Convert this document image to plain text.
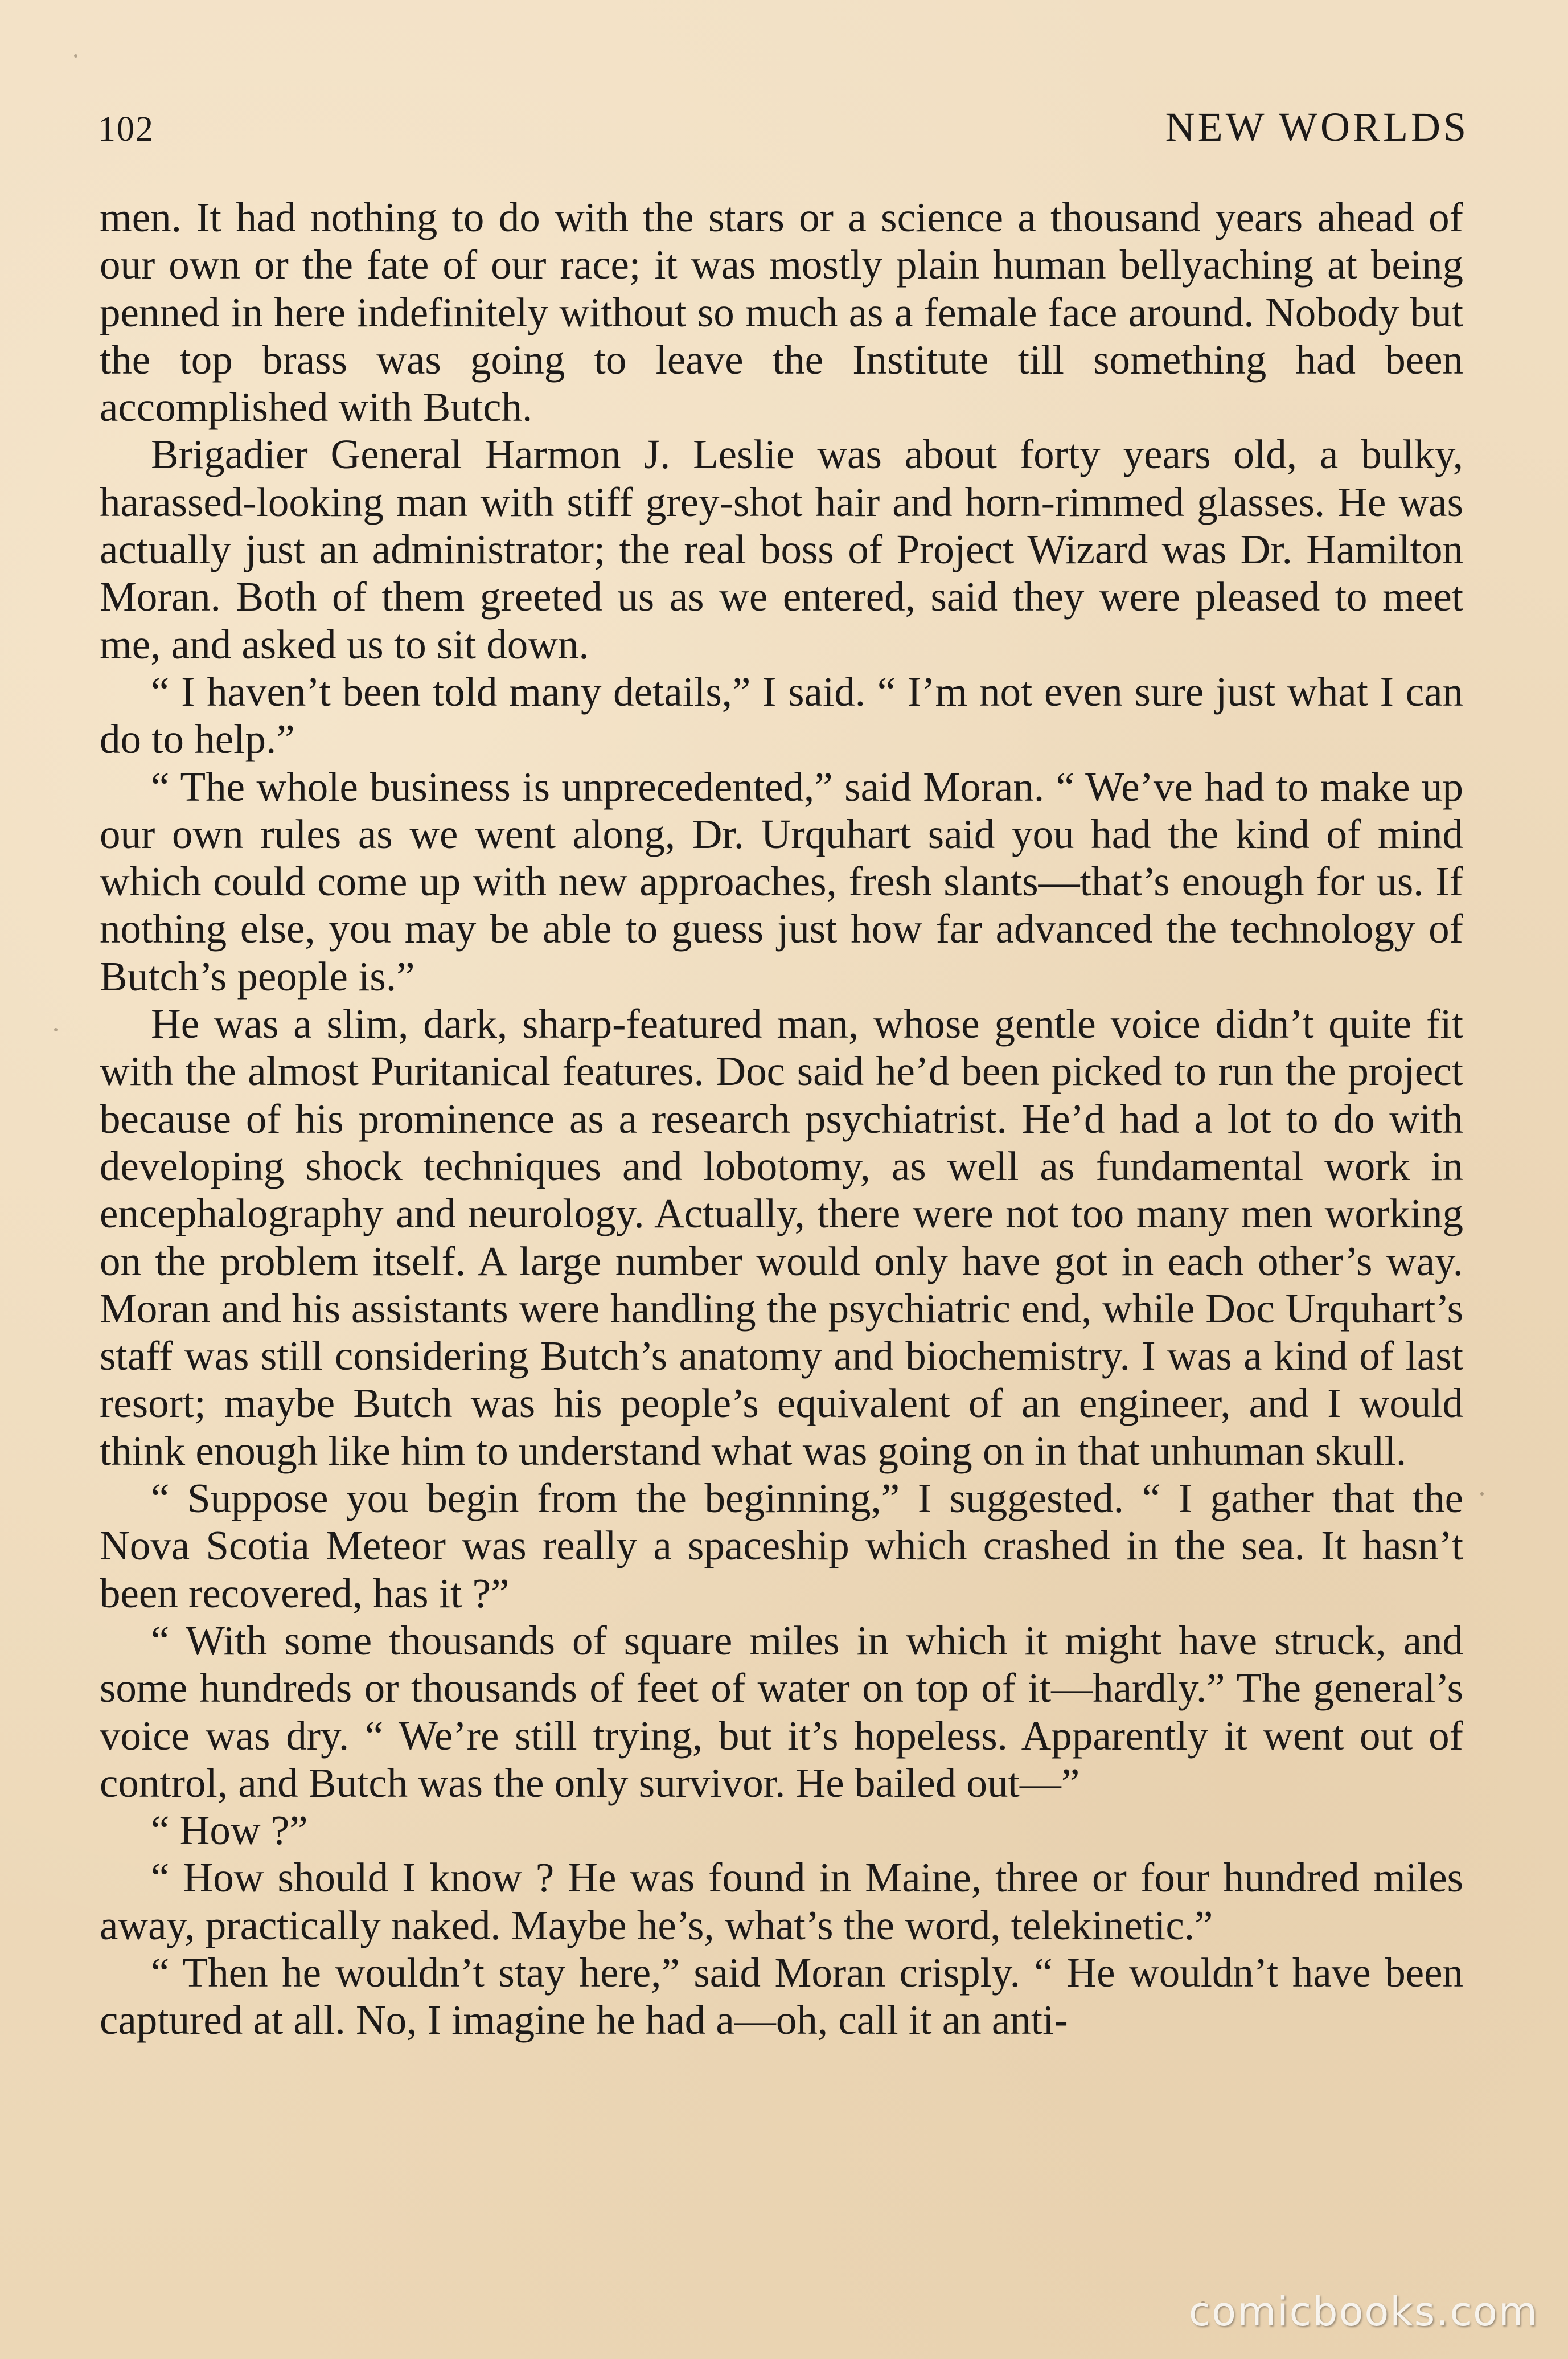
102	NEW WORLDS

men. It had nothing to do with the stars or a science a thousand years ahead of our own or the fate of our race; it was mostly plain human bellyaching at being penned in here indefinitely without so much as a female face around. Nobody but the top brass was going to leave the Institute till something had been accomplished with Butch.

Brigadier General Harmon J. Leslie was about forty years old, a bulky, harassed-looking man with stiff grey-shot hair and horn-rimmed glasses. He was actually just an administrator; the real boss of Project Wizard was Dr. Hamilton Moran. Both of them greeted us as we entered, said they were pleased to meet me, and asked us to sit down.

“ I haven’t been told many details,” I said. “ I’m not even sure just what I can do to help.”

“ The whole business is unprecedented,” said Moran. “ We’ve had to make up our own rules as we went along, Dr. Urquhart said you had the kind of mind which could come up with new approaches, fresh slants—that’s enough for us. If nothing else, you may be able to guess just how far advanced the technology of Butch’s people is.”

He was a slim, dark, sharp-featured man, whose gentle voice didn’t quite fit with the almost Puritanical features. Doc said he’d been picked to run the project because of his prominence as a research psychiatrist. He’d had a lot to do with developing shock techniques and lobotomy, as well as fundamental work in encephalography and neurology. Actually, there were not too many men working on the problem itself. A large number would only have got in each other’s way. Moran and his assistants were handling the psychiatric end, while Doc Urquhart’s staff was still considering Butch’s anatomy and biochemistry. I was a kind of last resort; maybe Butch was his people’s equivalent of an engineer, and I would think enough like him to understand what was going on in that unhuman skull.

“ Suppose you begin from the beginning,” I suggested. “ I gather that the Nova Scotia Meteor was really a spaceship which crashed in the sea. It hasn’t been recovered, has it ?”

“ With some thousands of square miles in which it might have struck, and some hundreds or thousands of feet of water on top of it—hardly.” The general’s voice was dry. “ We’re still trying, but it’s hopeless. Apparently it went out of control, and Butch was the only survivor. He bailed out—”

“ How ?”

“ How should I know ? He was found in Maine, three or four hundred miles away, practically naked. Maybe he’s, what’s the word, telekinetic.”

“ Then he wouldn’t stay here,” said Moran crisply. “ He wouldn’t have been captured at all. No, I imagine he had a—oh, call it an anti-

comicbooks.com
